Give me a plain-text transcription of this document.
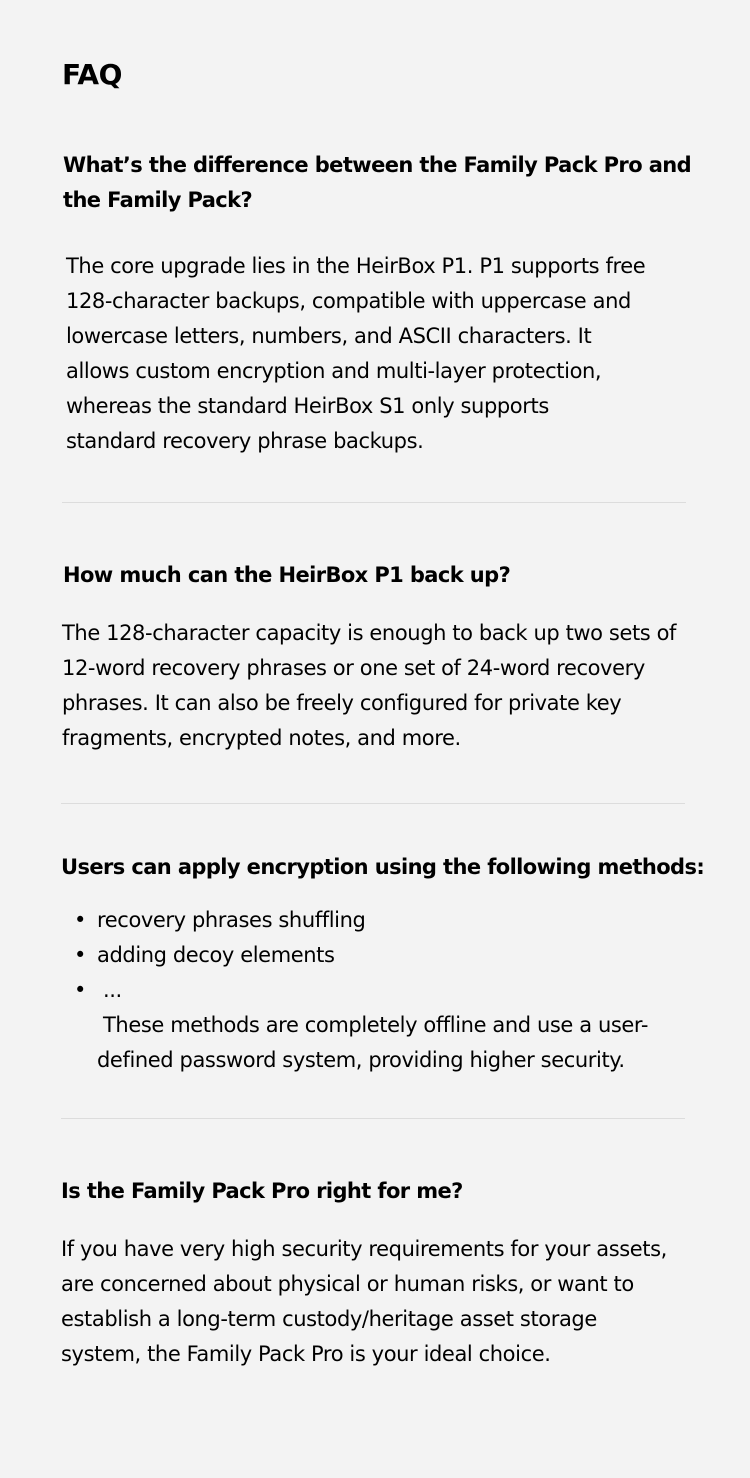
FAQ
What’s the difference between the Family Pack Pro and
the Family Pack?

The core upgrade lies in the HeirBox P1. P1 supports free
128-character backups, compatible with uppercase and
lowercase letters, numbers, and ASCII characters. It
allows custom encryption and multi-layer protection,
whereas the standard HeirBox S1 only supports
standard recovery phrase backups.

How much can the HeirBox P1 back up?

The 128-character capacity is enough to back up two sets of
12-word recovery phrases or one set of 24-word recovery
phrases. It can also be freely configured for private key
fragments, encrypted notes, and more.

Users can apply encryption using the following methods:
• recovery phrases shuffling
• adding decoy elements
• ...
These methods are completely offline and use a user-
defined password system, providing higher security.
Is the Family Pack Pro right for me?

If you have very high security requirements for your assets,
are concerned about physical or human risks, or want to
establish a long-term custody/heritage asset storage
system, the Family Pack Pro is your ideal choice.
